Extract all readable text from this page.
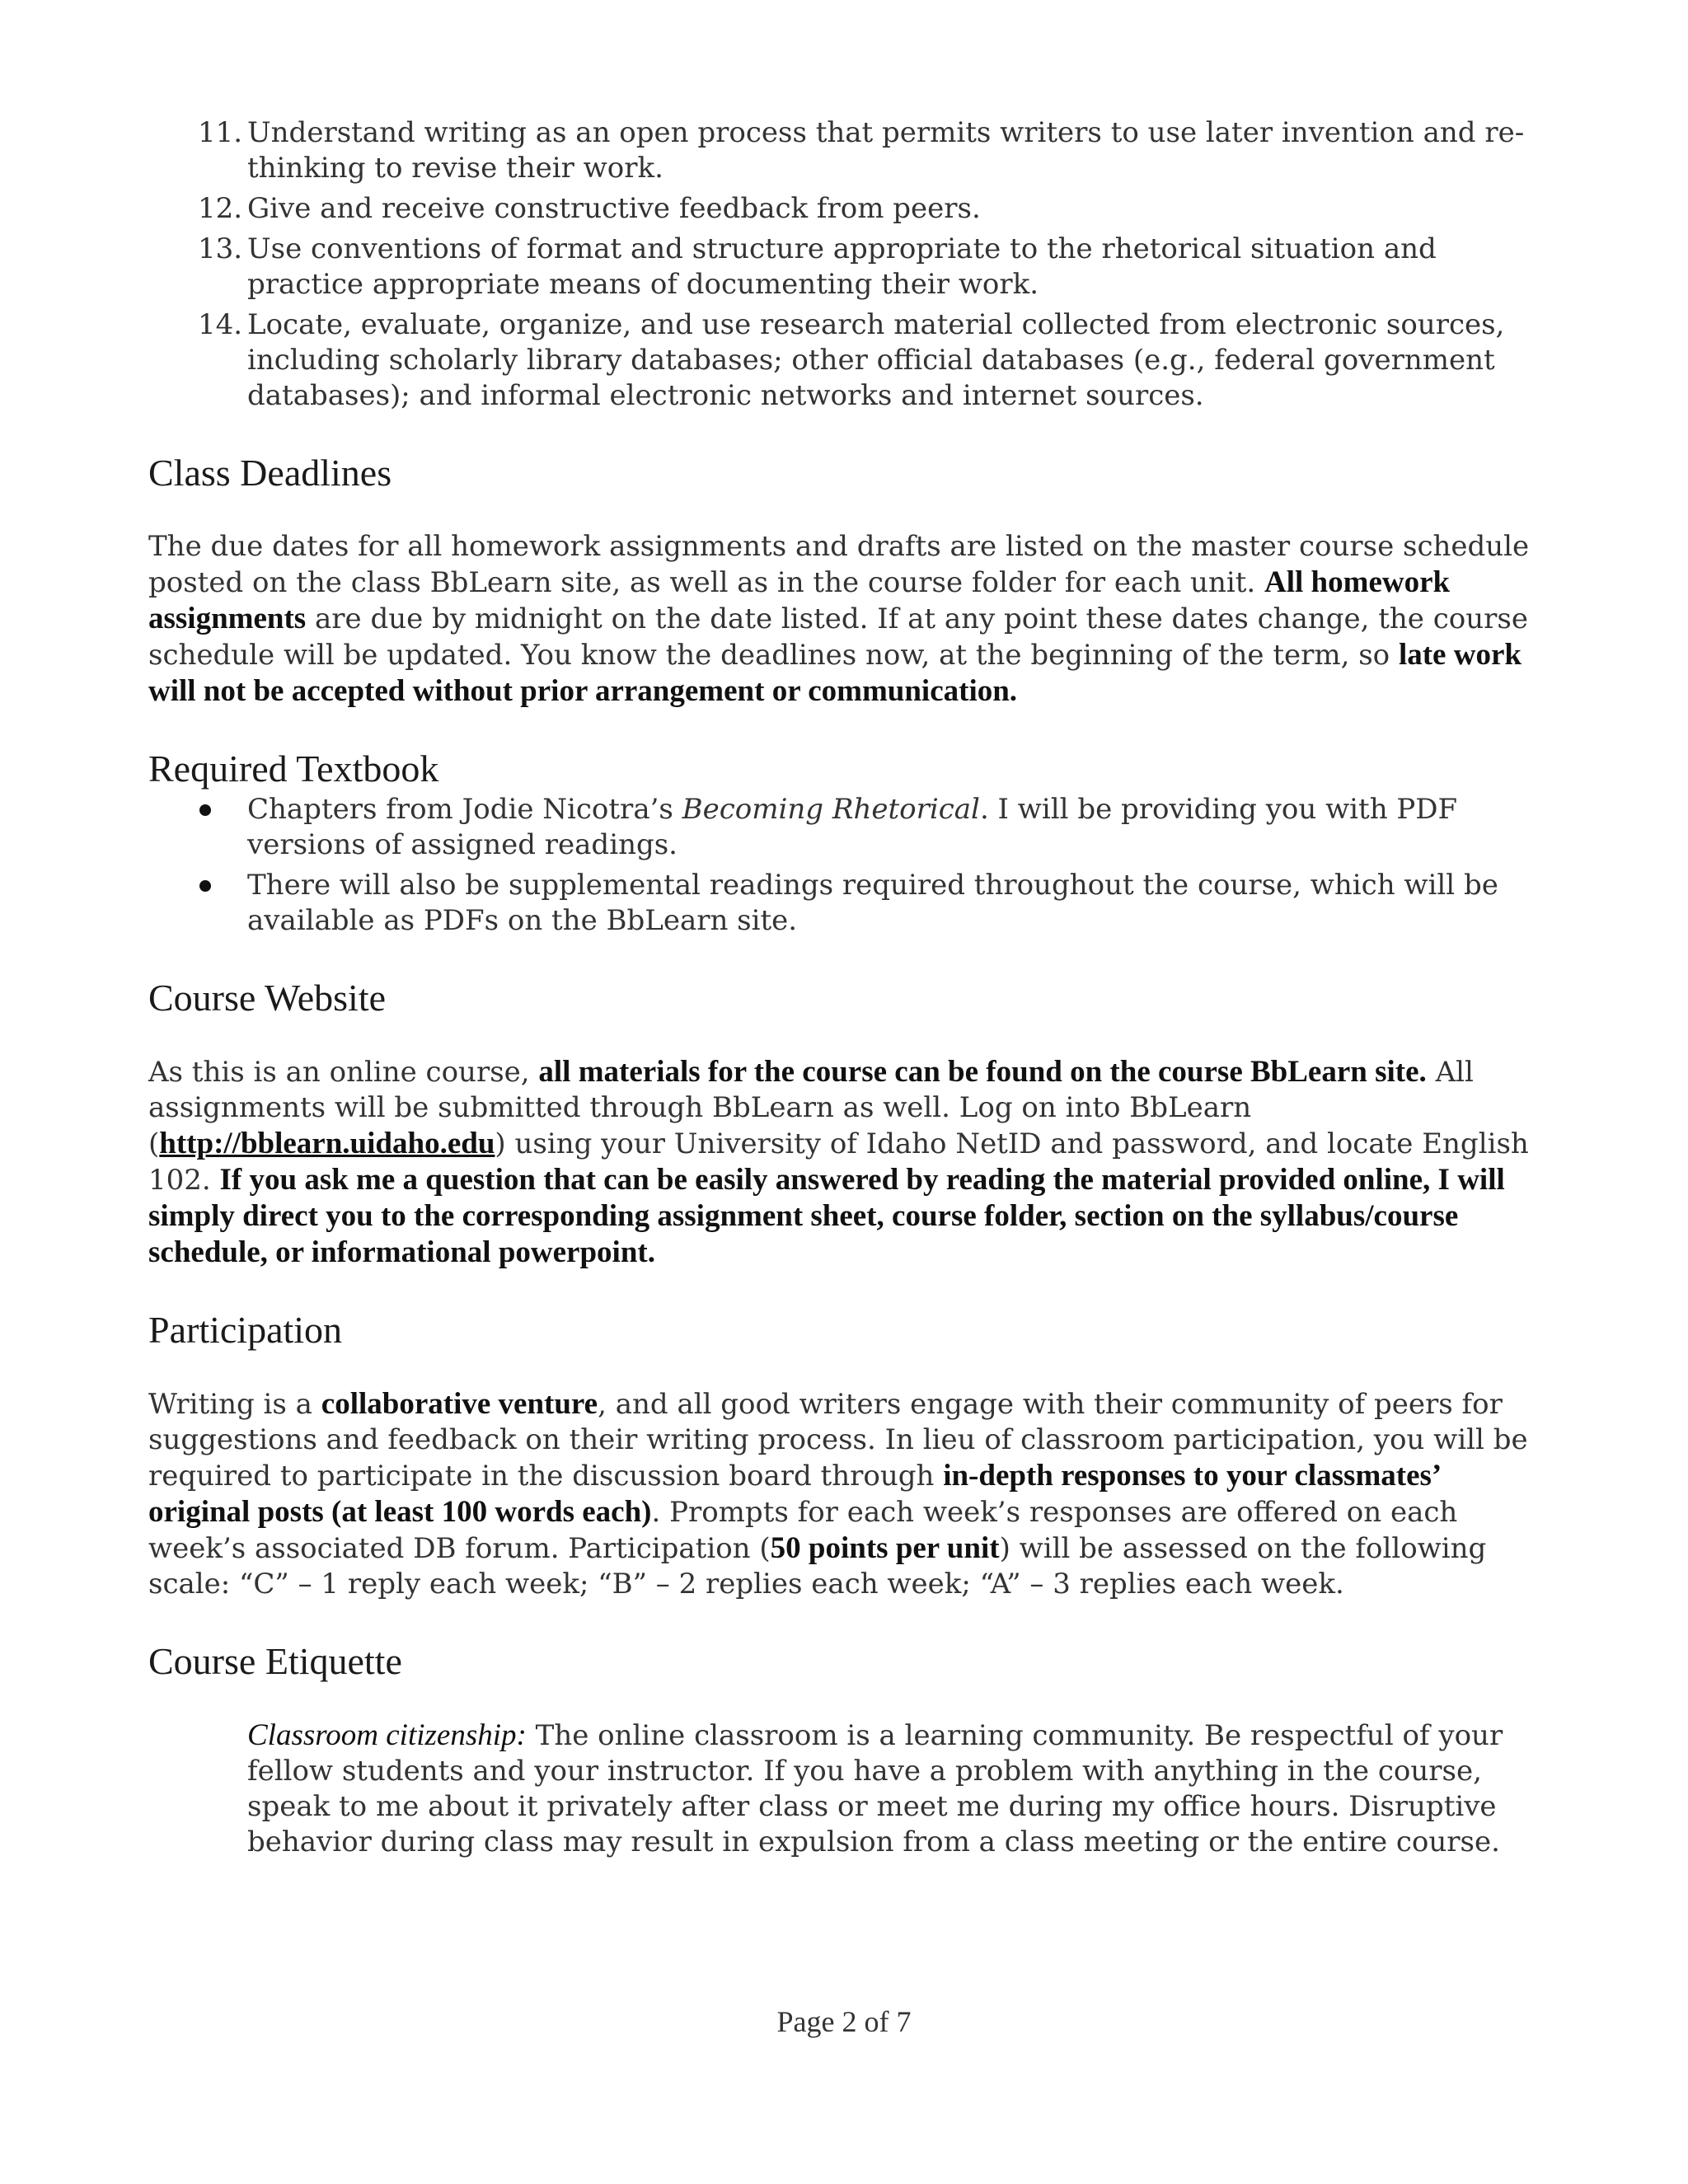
11. Understand writing as an open process that permits writers to use later invention and re-thinking to revise their work.
12. Give and receive constructive feedback from peers.
13. Use conventions of format and structure appropriate to the rhetorical situation and practice appropriate means of documenting their work.
14. Locate, evaluate, organize, and use research material collected from electronic sources, including scholarly library databases; other official databases (e.g., federal government databases); and informal electronic networks and internet sources.
Class Deadlines

The due dates for all homework assignments and drafts are listed on the master course schedule posted on the class BbLearn site, as well as in the course folder for each unit. All homework assignments are due by midnight on the date listed. If at any point these dates change, the course schedule will be updated. You know the deadlines now, at the beginning of the term, so late work will not be accepted without prior arrangement or communication.

Required Textbook
Chapters from Jodie Nicotra’s Becoming Rhetorical. I will be providing you with PDF versions of assigned readings.
There will also be supplemental readings required throughout the course, which will be available as PDFs on the BbLearn site.
Course Website

As this is an online course, all materials for the course can be found on the course BbLearn site. All assignments will be submitted through BbLearn as well. Log on into BbLearn (http://bblearn.uidaho.edu) using your University of Idaho NetID and password, and locate English 102. If you ask me a question that can be easily answered by reading the material provided online, I will simply direct you to the corresponding assignment sheet, course folder, section on the syllabus/course schedule, or informational powerpoint.

Participation

Writing is a collaborative venture, and all good writers engage with their community of peers for suggestions and feedback on their writing process. In lieu of classroom participation, you will be required to participate in the discussion board through in-depth responses to your classmates’ original posts (at least 100 words each). Prompts for each week’s responses are offered on each week’s associated DB forum. Participation (50 points per unit) will be assessed on the following scale: “C” – 1 reply each week; “B” – 2 replies each week; “A” – 3 replies each week.

Course Etiquette

Classroom citizenship: The online classroom is a learning community. Be respectful of your fellow students and your instructor. If you have a problem with anything in the course, speak to me about it privately after class or meet me during my office hours. Disruptive behavior during class may result in expulsion from a class meeting or the entire course.

Page 2 of 7
